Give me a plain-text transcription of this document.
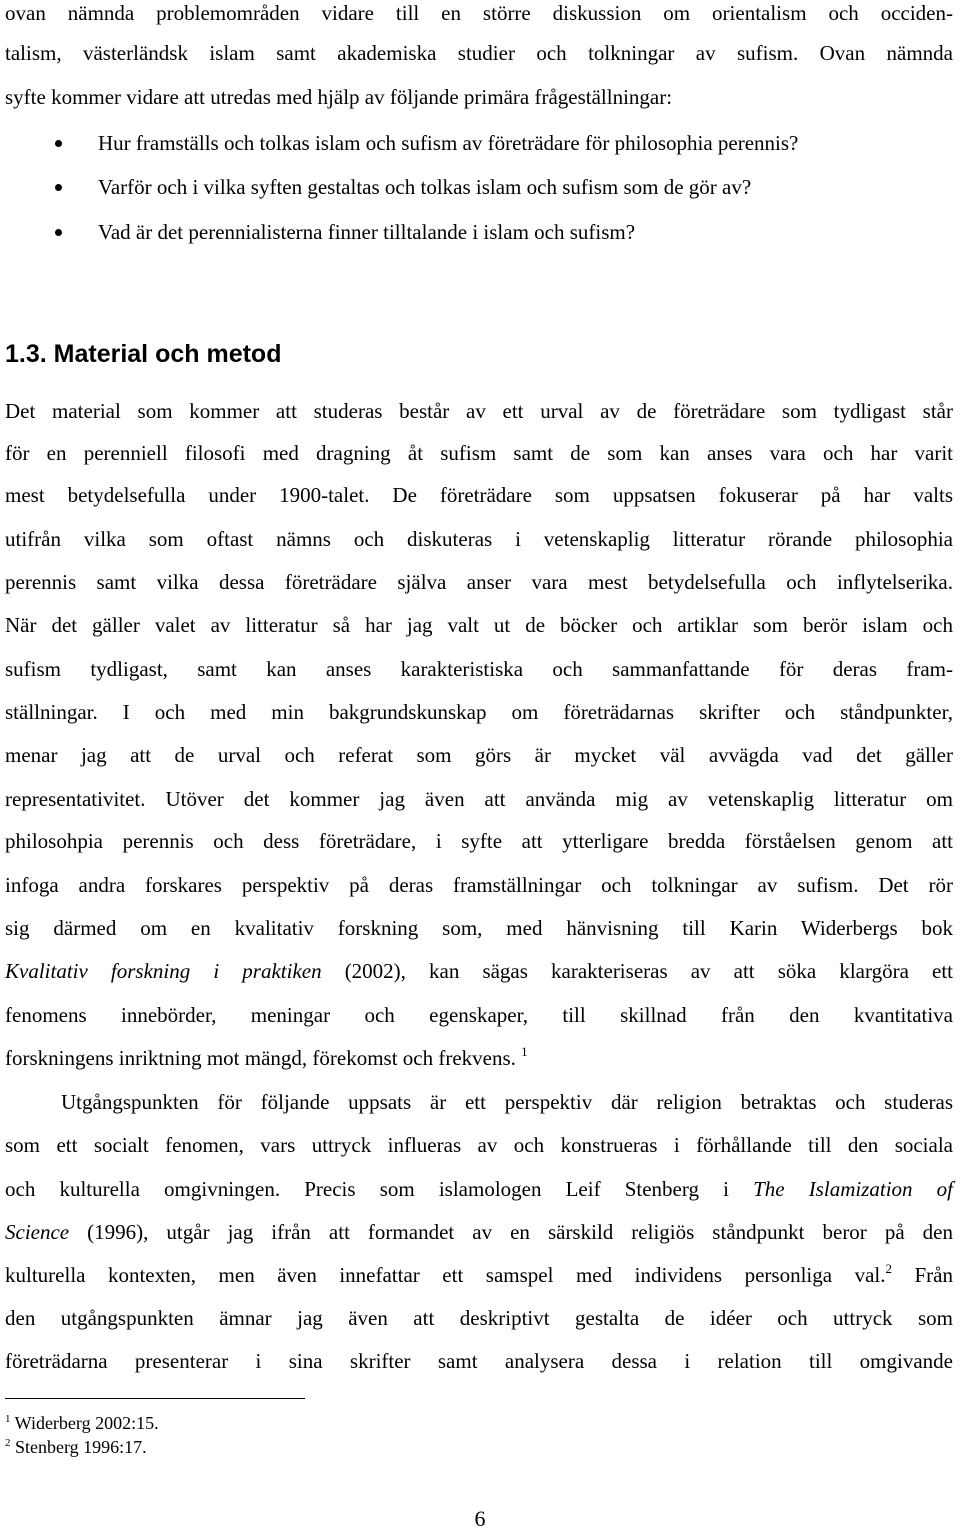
ovan nämnda problemområden vidare till en större diskussion om orientalism och occiden-
talism, västerländsk islam samt akademiska studier och tolkningar av sufism. Ovan nämnda
syfte kommer vidare att utredas med hjälp av följande primära frågeställningar:
Hur framställs och tolkas islam och sufism av företrädare för philosophia perennis?
Varför och i vilka syften gestaltas och tolkas islam och sufism som de gör av?
Vad är det perennialisterna finner tilltalande i islam och sufism?
1.3. Material och metod
Det material som kommer att studeras består av ett urval av de företrädare som tydligast står
för en perenniell filosofi med dragning åt sufism samt de som kan anses vara och har varit
mest betydelsefulla under 1900-talet. De företrädare som uppsatsen fokuserar på har valts
utifrån vilka som oftast nämns och diskuteras i vetenskaplig litteratur rörande philosophia
perennis samt vilka dessa företrädare själva anser vara mest betydelsefulla och inflytelserika.
När det gäller valet av litteratur så har jag valt ut de böcker och artiklar som berör islam och
sufism tydligast, samt kan anses karakteristiska och sammanfattande för deras fram-
ställningar. I och med min bakgrundskunskap om företrädarnas skrifter och ståndpunkter,
menar jag att de urval och referat som görs är mycket väl avvägda vad det gäller
representativitet. Utöver det kommer jag även att använda mig av vetenskaplig litteratur om
philosohpia perennis och dess företrädare, i syfte att ytterligare bredda förståelsen genom att
infoga andra forskares perspektiv på deras framställningar och tolkningar av sufism. Det rör
sig därmed om en kvalitativ forskning som, med hänvisning till Karin Widerbergs bok
Kvalitativ forskning i praktiken (2002), kan sägas karakteriseras av att söka klargöra ett
fenomens innebörder, meningar och egenskaper, till skillnad från den kvantitativa
forskningens inriktning mot mängd, förekomst och frekvens. $^1$
Utgångspunkten för följande uppsats är ett perspektiv där religion betraktas och studeras
som ett socialt fenomen, vars uttryck influeras av och konstrueras i förhållande till den sociala
och kulturella omgivningen. Precis som islamologen Leif Stenberg i The Islamization of
Science (1996), utgår jag ifrån att formandet av en särskild religiös ståndpunkt beror på den
kulturella kontexten, men även innefattar ett samspel med individens personliga val.$^2$ Från
den utgångspunkten ämnar jag även att deskriptivt gestalta de idéer och uttryck som
företrädarna presenterar i sina skrifter samt analysera dessa i relation till omgivande
$^1$ Widerberg 2002:15.
$^2$ Stenberg 1996:17.
6
